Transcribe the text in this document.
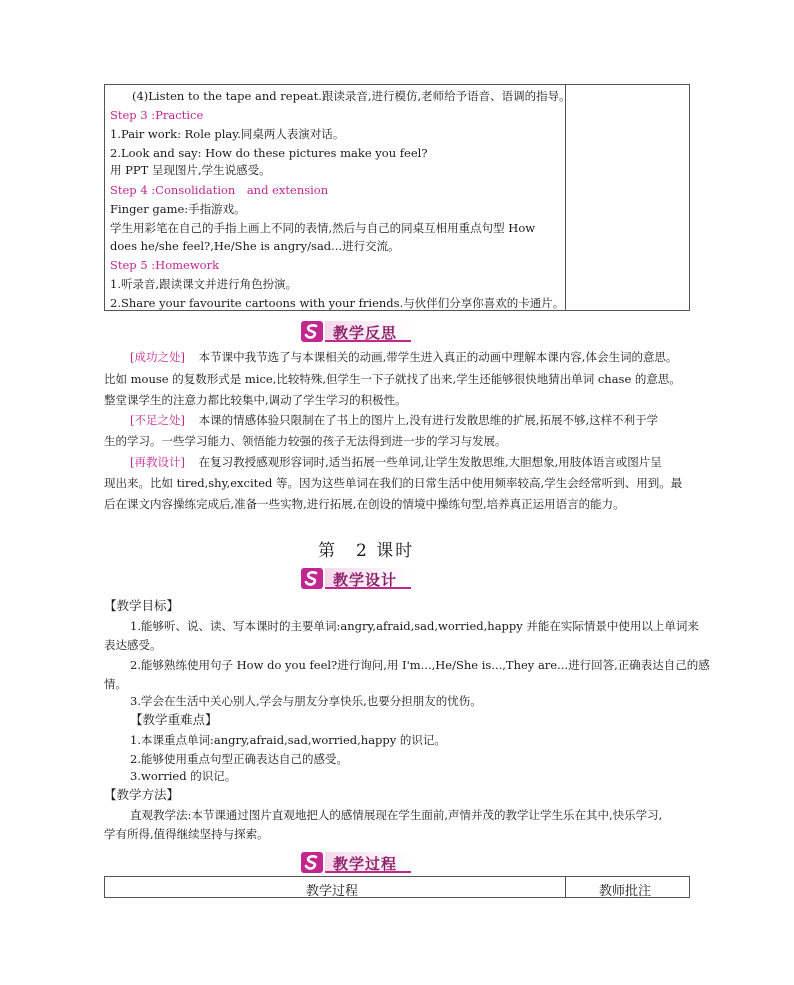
(4)Listen to the tape and repeat.跟读录音,进行模仿,老师给予语音、语调的指导。
Step 3 :Practice
1.Pair work: Role play.同桌两人表演对话。
2.Look and say: How do these pictures make you feel?
用 PPT 呈现图片,学生说感受。
Step 4 :Consolidation　and extension
Finger game:手指游戏。
学生用彩笔在自己的手指上画上不同的表情,然后与自己的同桌互相用重点句型 How
does he/she feel?,He/She is angry/sad...进行交流。
Step 5 :Homework
1.听录音,跟读课文并进行角色扮演。
2.Share your favourite cartoons with your friends.与伙伴们分享你喜欢的卡通片。
教学反思
[成功之处] 本节课中我节选了与本课相关的动画,带学生进入真正的动画中理解本课内容,体会生词的意思。
比如 mouse 的复数形式是 mice,比较特殊,但学生一下子就找了出来,学生还能够很快地猜出单词 chase 的意思。
整堂课学生的注意力都比较集中,调动了学生学习的积极性。
[不足之处] 本课的情感体验只限制在了书上的图片上,没有进行发散思维的扩展,拓展不够,这样不利于学
生的学习。一些学习能力、领悟能力较强的孩子无法得到进一步的学习与发展。
[再教设计] 在复习教授感观形容词时,适当拓展一些单词,让学生发散思维,大胆想象,用肢体语言或图片呈
现出来。比如 tired,shy,excited 等。因为这些单词在我们的日常生活中使用频率较高,学生会经常听到、用到。最
后在课文内容操练完成后,准备一些实物,进行拓展,在创设的情境中操练句型,培养真正运用语言的能力。
第　2 课时
教学设计
【教学目标】
1.能够听、说、读、写本课时的主要单词:angry,afraid,sad,worried,happy 并能在实际情景中使用以上单词来
表达感受。
2.能够熟练使用句子 How do you feel?进行询问,用 I'm...,He/She is...,They are...进行回答,正确表达自己的感
情。
3.学会在生活中关心别人,学会与朋友分享快乐,也要分担朋友的忧伤。
【教学重难点】
1.本课重点单词:angry,afraid,sad,worried,happy 的识记。
2.能够使用重点句型正确表达自己的感受。
3.worried 的识记。
【教学方法】
直观教学法:本节课通过图片直观地把人的感情展现在学生面前,声情并茂的教学让学生乐在其中,快乐学习,
学有所得,值得继续坚持与探索。
教学过程
教学过程	教师批注
